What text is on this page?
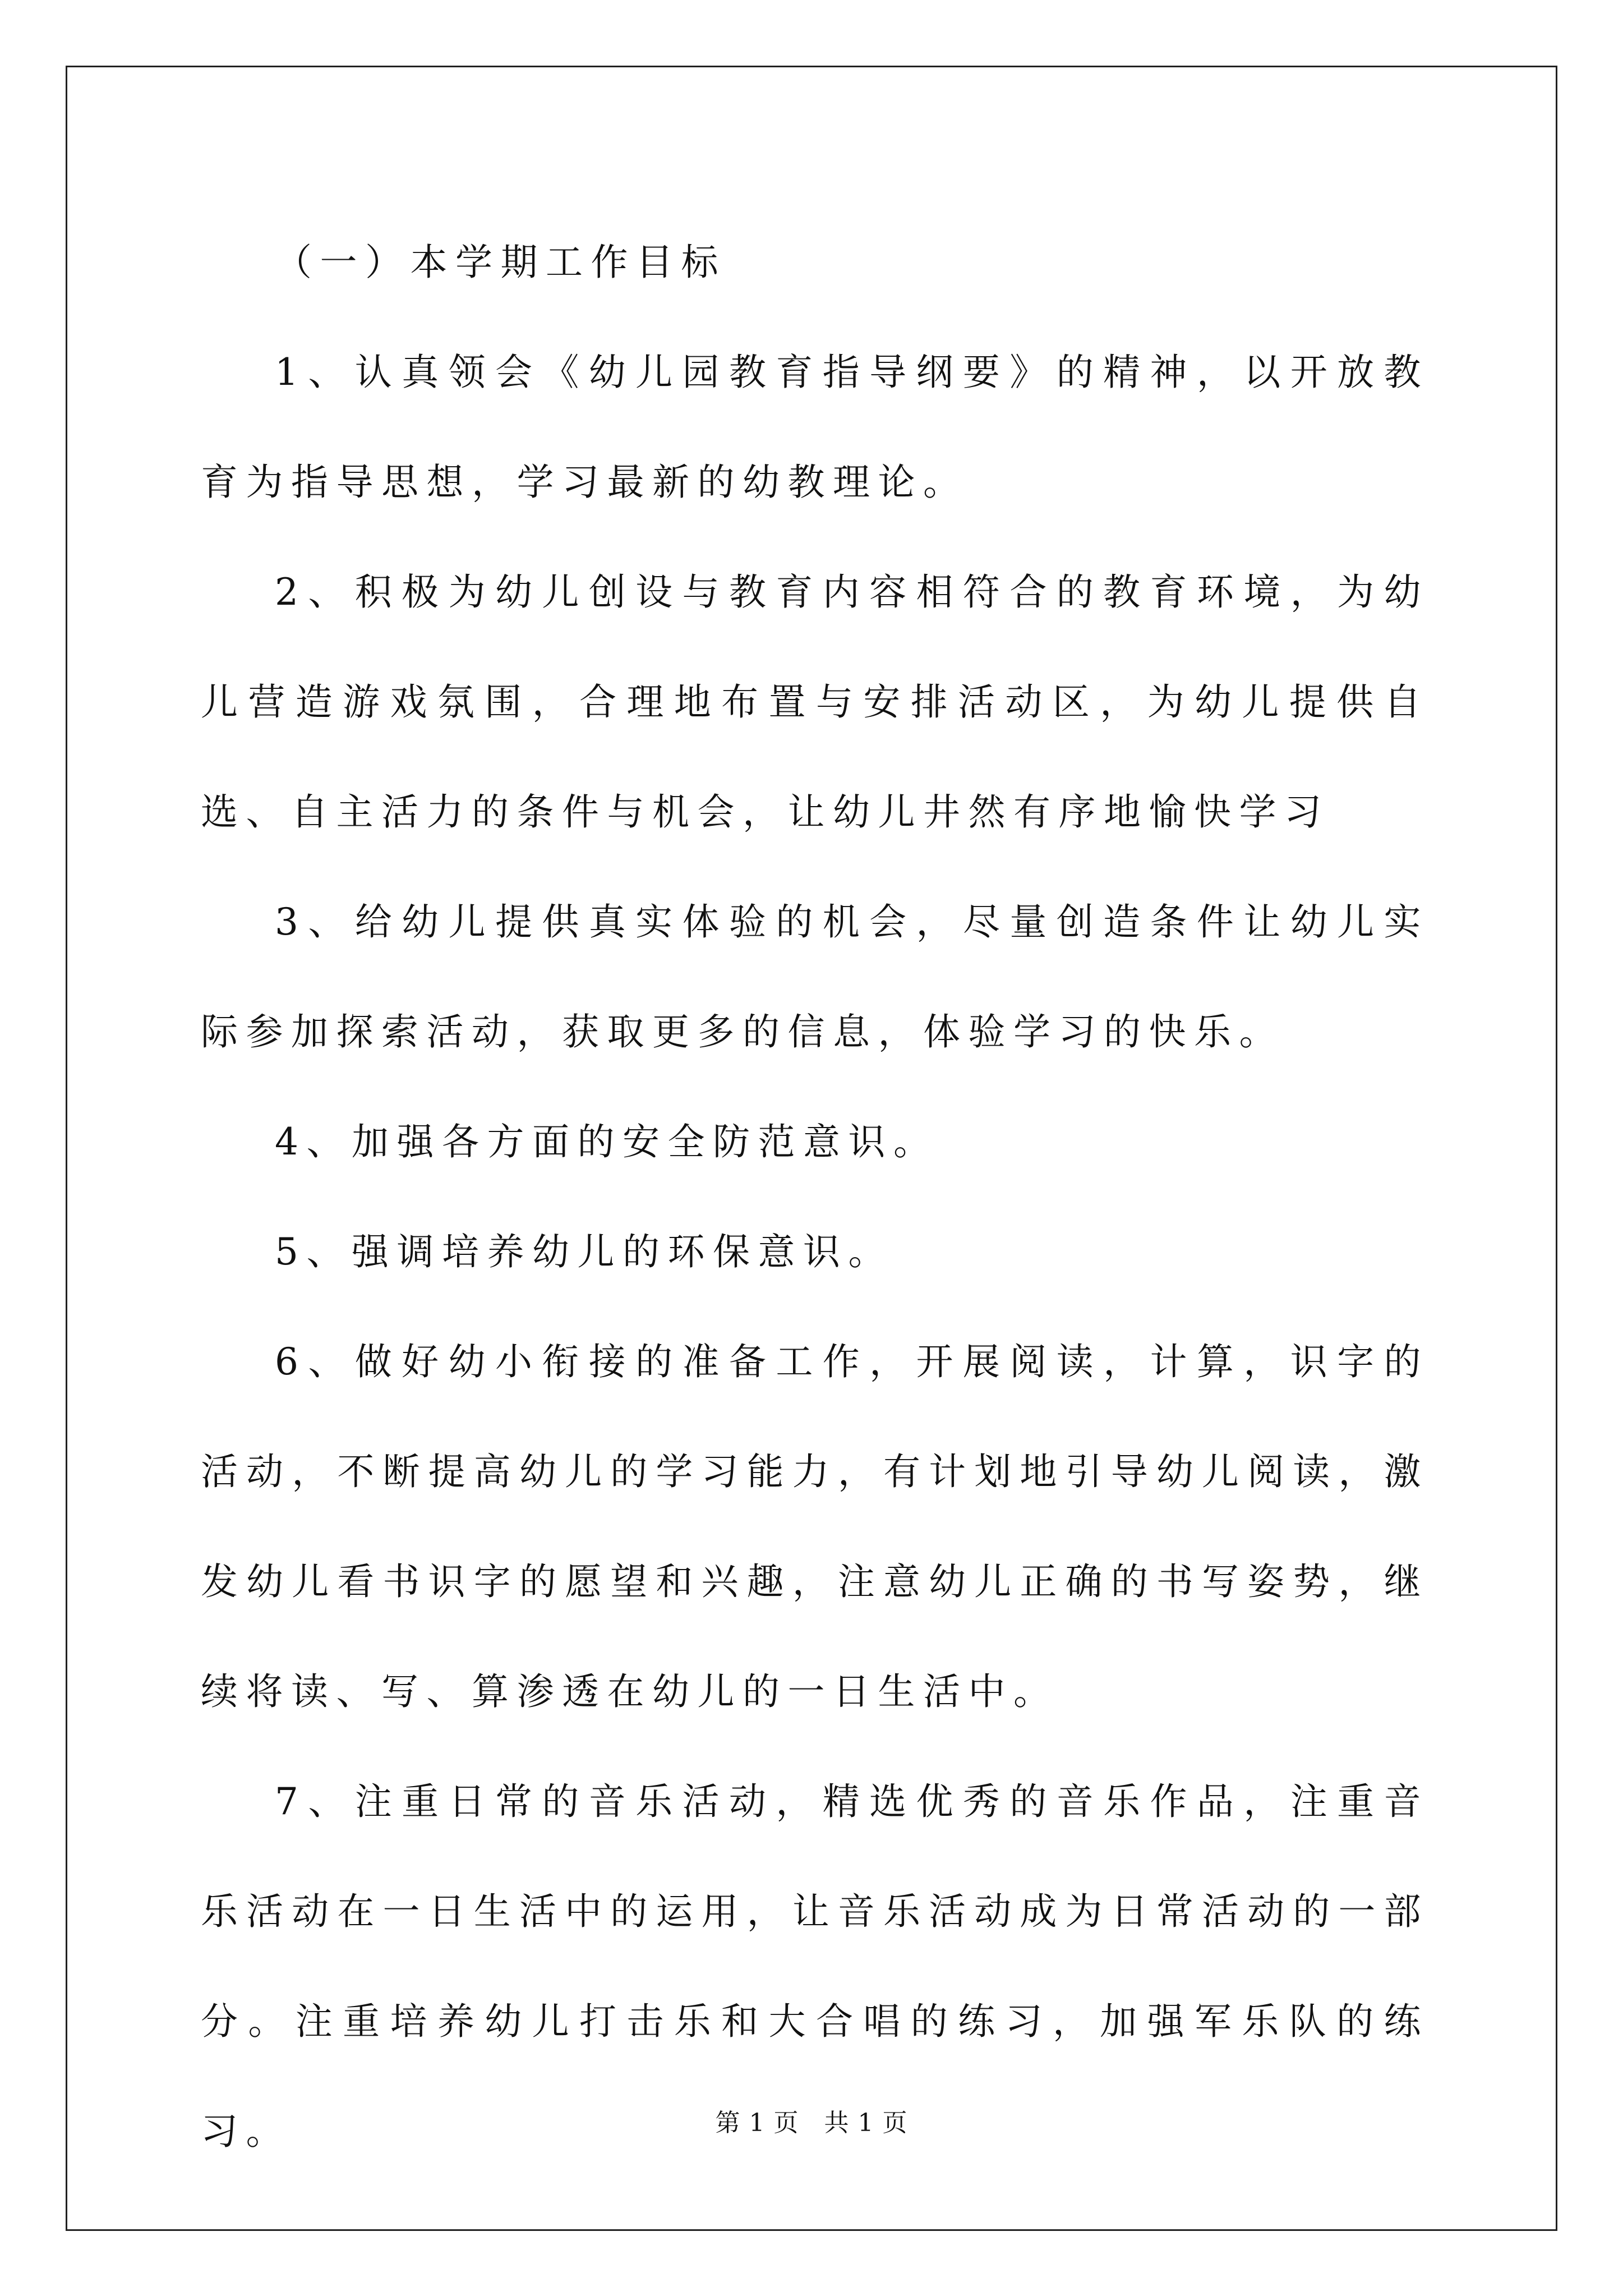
（一）本学期工作目标

1、认真领会《幼儿园教育指导纲要》的精神，以开放教育为指导思想，学习最新的幼教理论。

2、积极为幼儿创设与教育内容相符合的教育环境，为幼儿营造游戏氛围，合理地布置与安排活动区，为幼儿提供自选、自主活力的条件与机会，让幼儿井然有序地愉快学习

3、给幼儿提供真实体验的机会，尽量创造条件让幼儿实际参加探索活动，获取更多的信息，体验学习的快乐。

4、加强各方面的安全防范意识。

5、强调培养幼儿的环保意识。

6、做好幼小衔接的准备工作，开展阅读，计算，识字的活动，不断提高幼儿的学习能力，有计划地引导幼儿阅读，激发幼儿看书识字的愿望和兴趣，注意幼儿正确的书写姿势，继续将读、写、算渗透在幼儿的一日生活中。

7、注重日常的音乐活动，精选优秀的音乐作品，注重音乐活动在一日生活中的运用，让音乐活动成为日常活动的一部分。注重培养幼儿打击乐和大合唱的练习，加强军乐队的练习。	第 1 页　共 1 页
